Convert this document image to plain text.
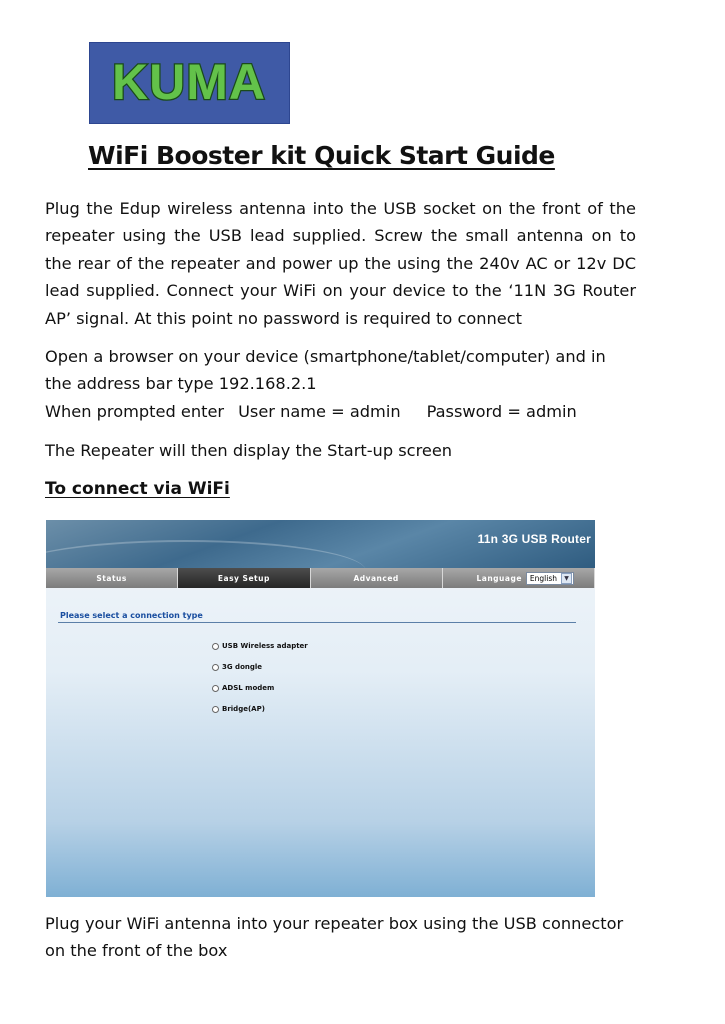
KUMA
WiFi Booster kit Quick Start Guide

Plug the Edup wireless antenna into the USB socket on the front of the repeater using the USB lead supplied. Screw the small antenna on to the rear of the repeater and power up the using the 240v AC or 12v DC lead supplied. Connect your WiFi on your device to the ‘11N 3G Router AP’ signal. At this point no password is required to connect

Open a browser on your device (smartphone/tablet/computer) and in the address bar type 192.168.2.1
When prompted enter User name = admin Password = admin

The Repeater will then display the Start-up screen

To connect via WiFi
11n 3G USB Router
Status	Easy Setup	Advanced	Language English	▼
Please select a connection type
USB Wireless adapter
3G dongle
ADSL modem
Bridge(AP)

Plug your WiFi antenna into your repeater box using the USB connector on the front of the box
